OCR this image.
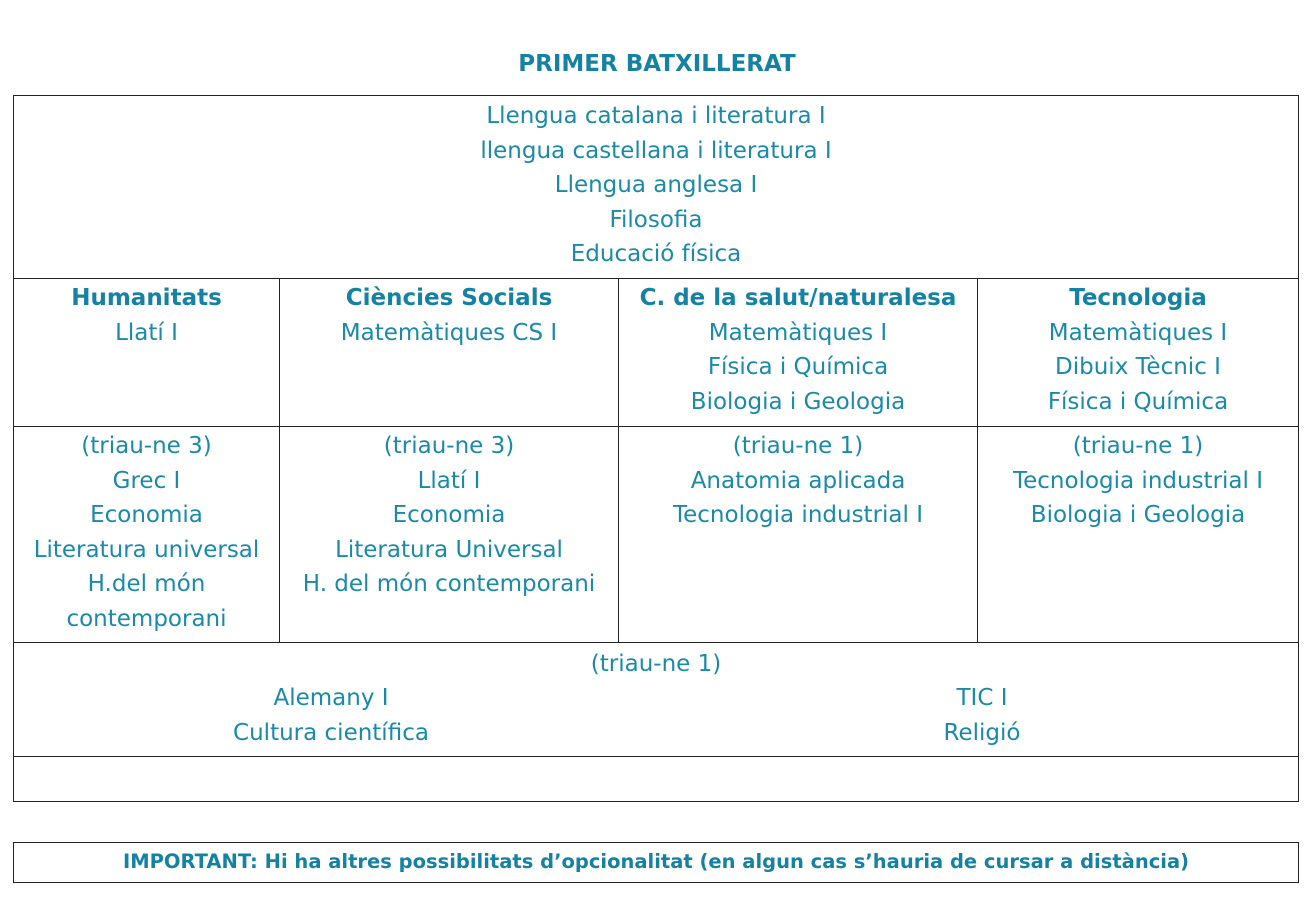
PRIMER BATXILLERAT
Llengua catalana i literatura I
llengua castellana i literatura I
Llengua anglesa I
Filosofia
Educació física
Humanitats
Llatí I
Ciències Socials
Matemàtiques CS I
C. de la salut/naturalesa
Matemàtiques I
Física i Química
Biologia i Geologia
Tecnologia
Matemàtiques I
Dibuix Tècnic I
Física i Química
(triau-ne 3)
Grec I
Economia
Literatura universal
H.del món
contemporani
(triau-ne 3)
Llatí I
Economia
Literatura Universal
H. del món contemporani
(triau-ne 1)
Anatomia aplicada
Tecnologia industrial I
(triau-ne 1)
Tecnologia industrial I
Biologia i Geologia
(triau-ne 1)
Alemany I
Cultura científica
TIC I
Religió
IMPORTANT: Hi ha altres possibilitats d’opcionalitat (en algun cas s’hauria de cursar a distància)
